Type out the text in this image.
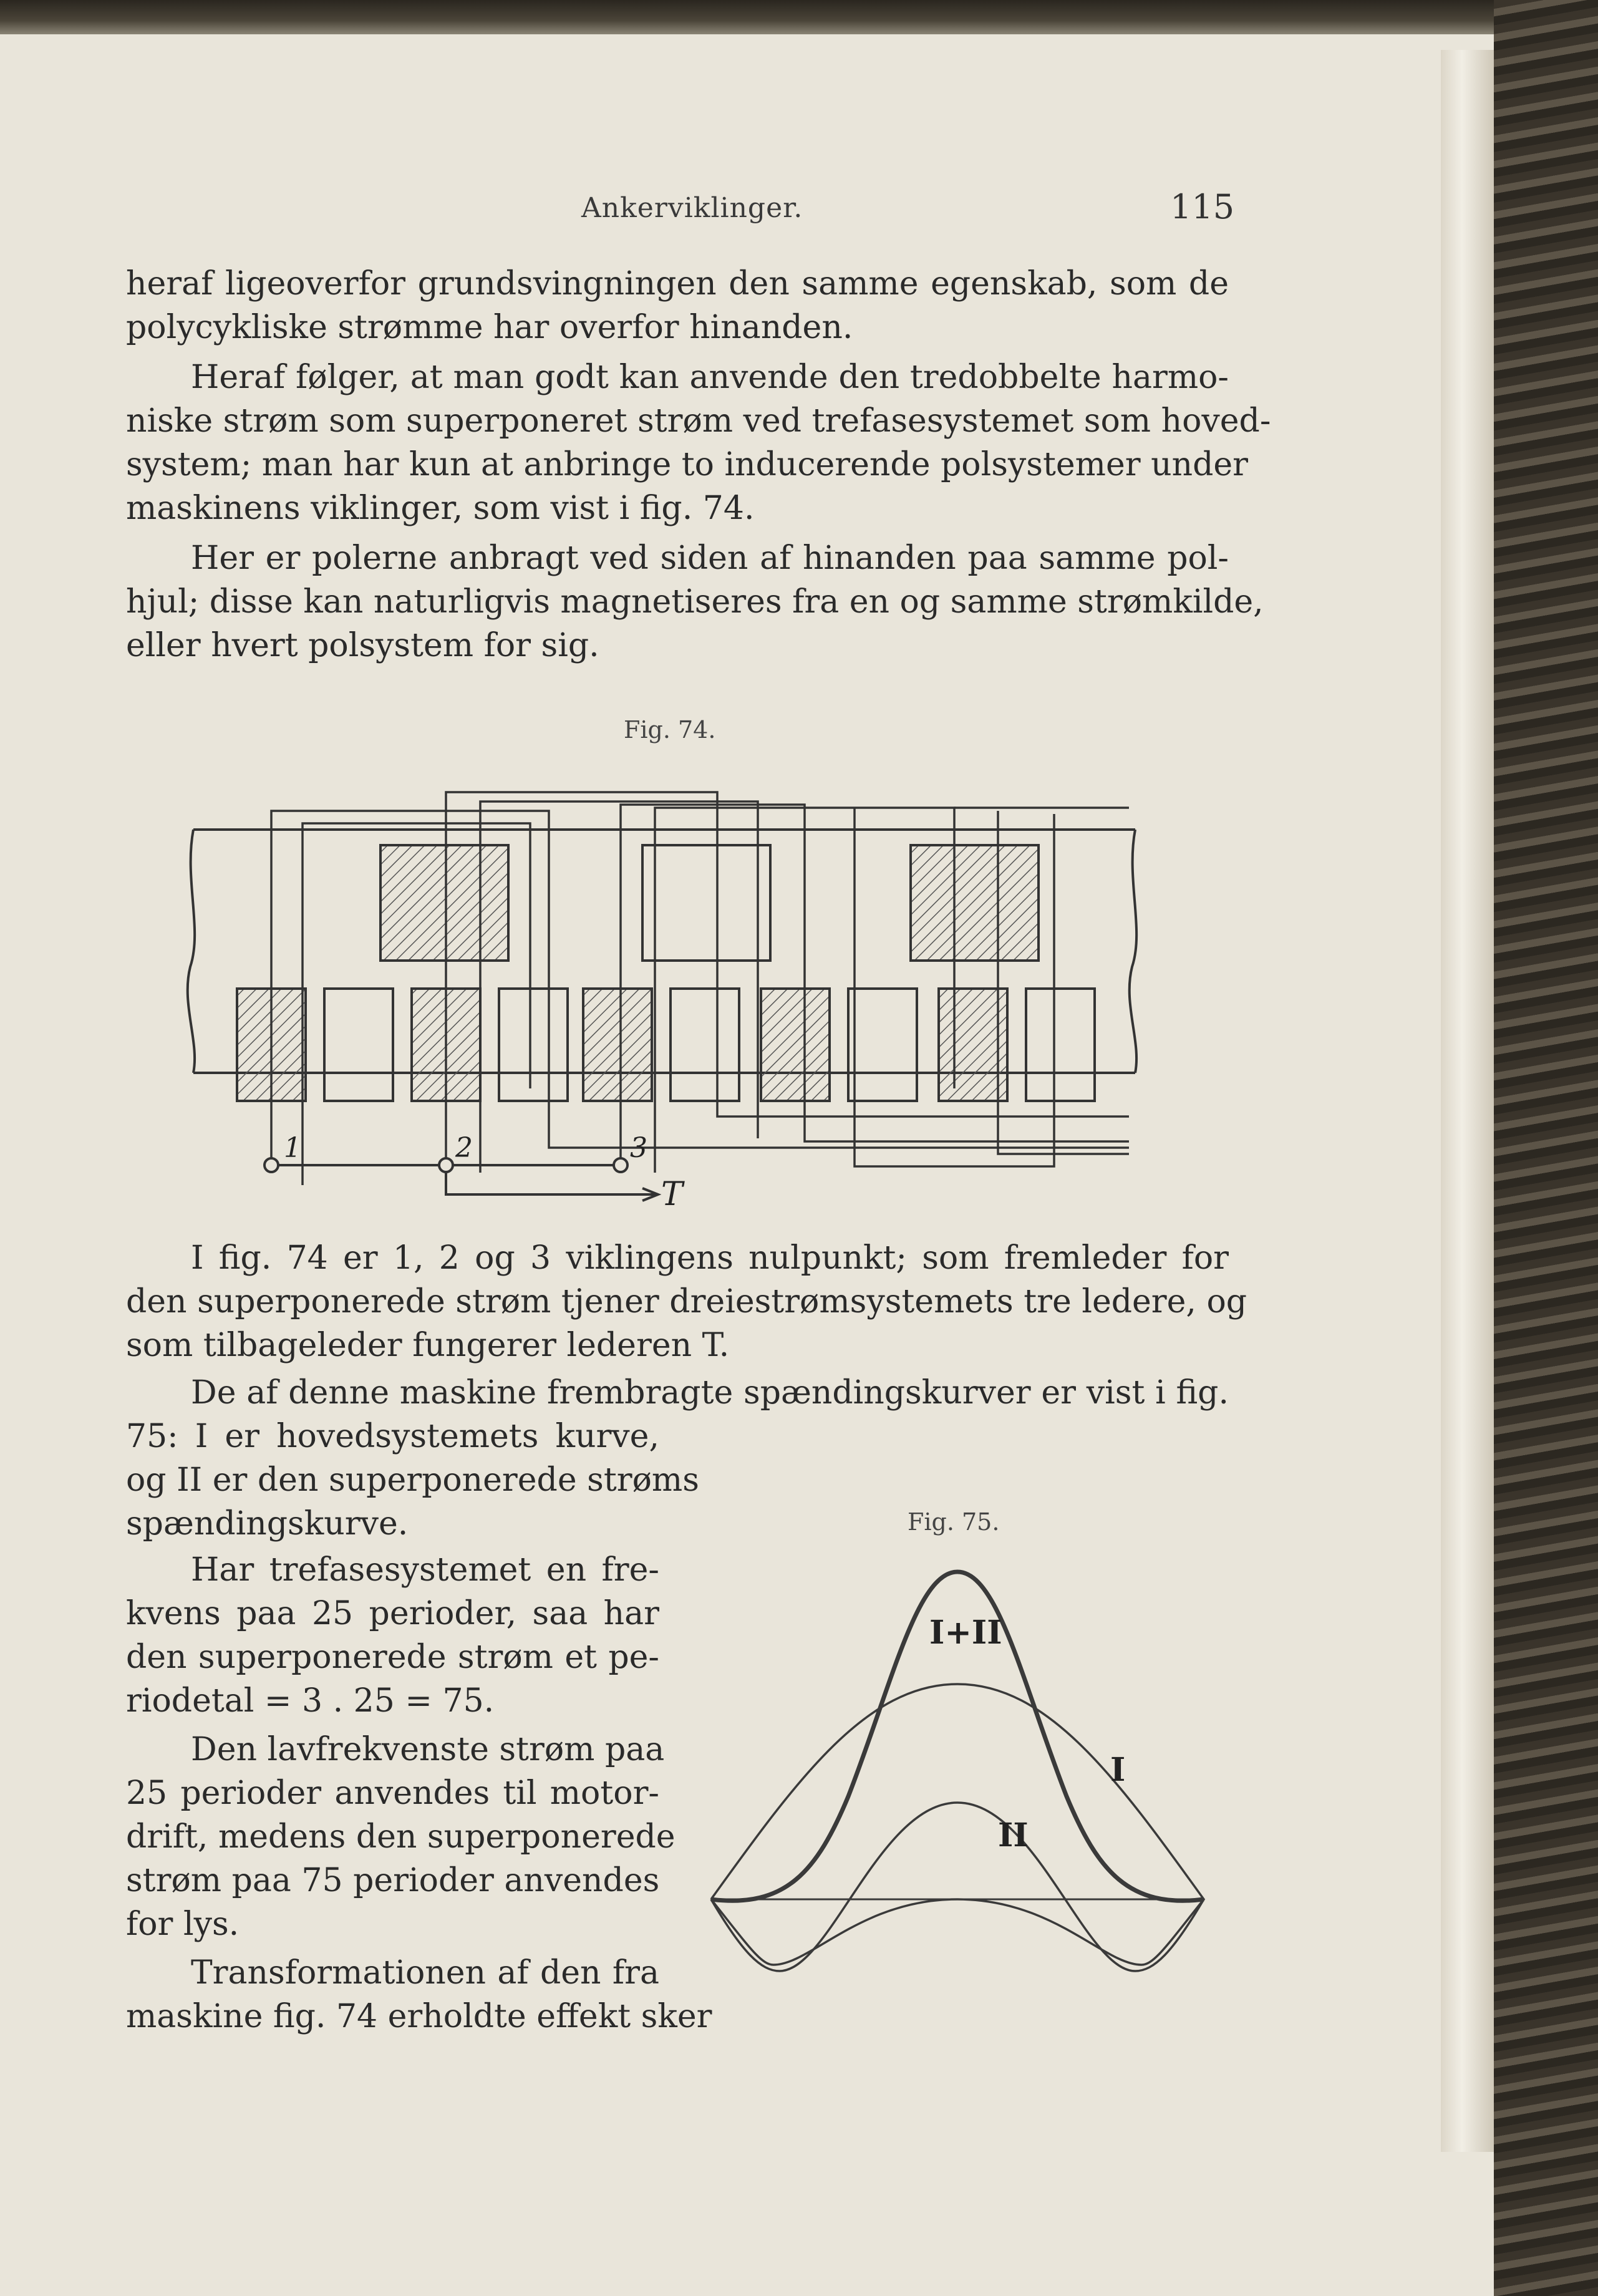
Ankerviklinger.	115
heraf ligeoverfor grundsvingningen den samme egenskab, som de
polycykliske strømme har overfor hinanden.
Heraf følger, at man godt kan anvende den tredobbelte harmo-
niske strøm som superponeret strøm ved trefasesystemet som hoved-
system; man har kun at anbringe to inducerende polsystemer under
maskinens viklinger, som vist i fig. 74.
Her er polerne anbragt ved siden af hinanden paa samme pol-
hjul; disse kan naturligvis magnetiseres fra en og samme strømkilde,
eller hvert polsystem for sig.
Fig. 74.
1	2	3
T
I fig. 74 er 1, 2 og 3 viklingens nulpunkt; som fremleder for
den superponerede strøm tjener dreiestrømsystemets tre ledere, og
som tilbageleder fungerer lederen T.
De af denne maskine frembragte spændingskurver er vist i fig.
75: I er hovedsystemets kurve,
og II er den superponerede strøms
spændingskurve.
Har trefasesystemet en fre-
kvens paa 25 perioder, saa har
den superponerede strøm et pe-
riodetal = 3 . 25 = 75.
Den lavfrekvenste strøm paa
25 perioder anvendes til motor-
drift, medens den superponerede
strøm paa 75 perioder anvendes
for lys.
Transformationen af den fra
maskine fig. 74 erholdte effekt sker
Fig. 75.
I+II
I
II
